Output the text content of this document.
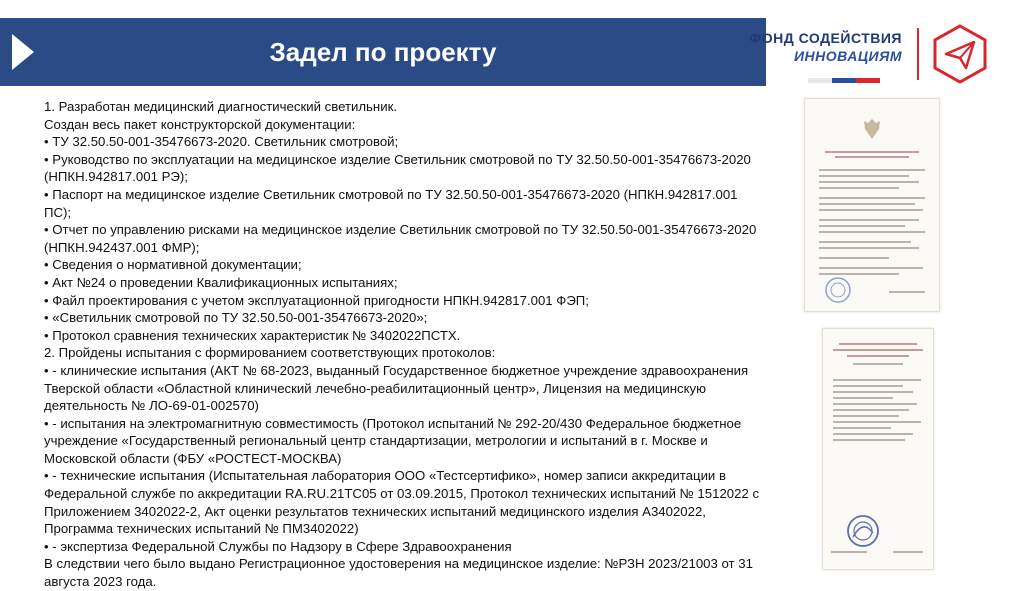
Задел по проекту	ФОНД СОДЕЙСТВИЯ
ИННОВАЦИЯМ
1. Разработан медицинский диагностический светильник.
Создан весь пакет конструкторской документации:
• ТУ 32.50.50-001-35476673-2020. Светильник смотровой;
• Руководство по эксплуатации на медицинское изделие Светильник смотровой по ТУ 32.50.50-001-35476673-2020 (НПКН.942817.001 РЭ);
• Паспорт на медицинское изделие Светильник смотровой по ТУ 32.50.50-001-35476673-2020 (НПКН.942817.001 ПС);
• Отчет по управлению рисками на медицинское изделие Светильник смотровой по ТУ 32.50.50-001-35476673-2020 (НПКН.942437.001 ФМР);
• Сведения о нормативной документации;
• Акт №24 о проведении Квалификационных испытаниях;
• Файл проектирования с учетом эксплуатационной пригодности НПКН.942817.001 ФЭП;
• «Светильник смотровой по ТУ 32.50.50-001-35476673-2020»;
• Протокол сравнения технических характеристик № 3402022ПСТХ.
2. Пройдены испытания с формированием соответствующих протоколов:
• - клинические испытания (АКТ № 68-2023, выданный Государственное бюджетное учреждение здравоохранения Тверской области «Областной клинический лечебно-реабилитационный центр», Лицензия на медицинскую деятельность № ЛО-69-01-002570)
• - испытания на электромагнитную совместимость (Протокол испытаний № 292-20/430 Федеральное бюджетное учреждение «Государственный региональный центр стандартизации, метрологии и испытаний в г. Москве и Московской области (ФБУ «РОСТЕСТ-МОСКВА)
• - технические испытания (Испытательная лаборатория ООО «Тестсертифико», номер записи аккредитации в Федеральной службе по аккредитации RA.RU.21TC05 от 03.09.2015, Протокол технических испытаний № 1512022 с Приложением 3402022-2, Акт оценки результатов технических испытаний медицинского изделия А3402022, Программа технических испытаний № ПМ3402022)
• - экспертиза Федеральной Службы по Надзору в Сфере Здравоохранения
В следствии чего было выдано Регистрационное удостоверения на медицинское изделие: №РЗН 2023/21003 от 31 августа 2023 года.
